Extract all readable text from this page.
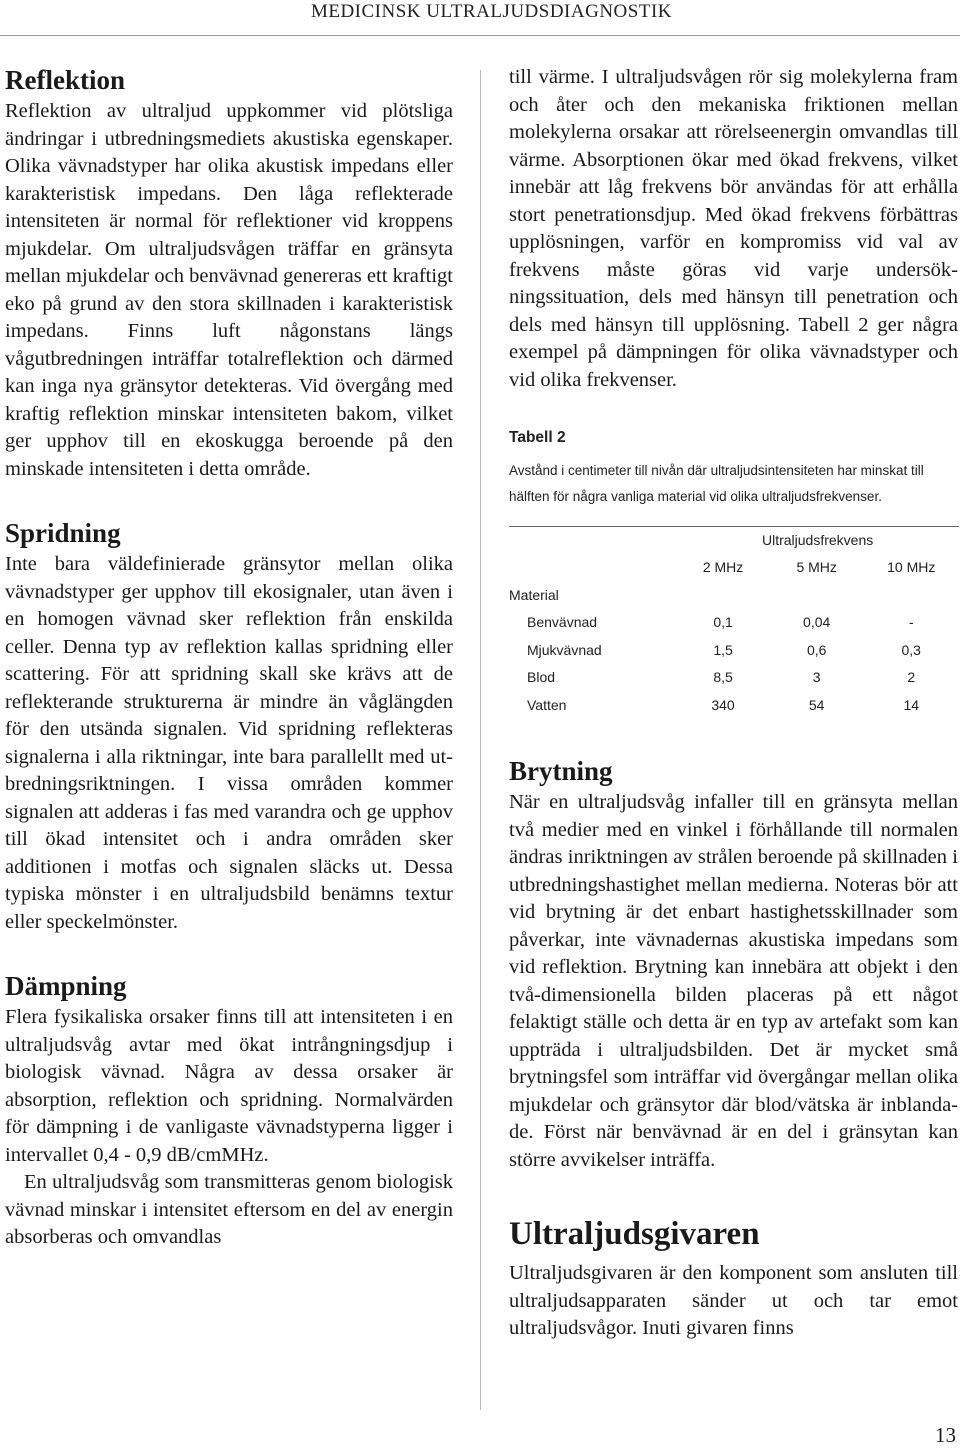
MEDICINSK ULTRALJUDSDIAGNOSTIK
Reflektion

Reflektion av ultraljud uppkommer vid plötsliga ändringar i utbredningsmediets akustiska egenskaper. Olika vävnadstyper har olika akustisk impedans eller karakteristisk impedans. Den låga reflekterade intensiteten är normal för reflektioner vid kroppens mjukdelar. Om ultraljudsvågen träffar en gränsyta mellan mjukdelar och benvävnad genereras ett kraftigt eko på grund av den stora skillnaden i karakteristisk impedans. Finns luft någonstans längs vågutbredningen inträffar totalreflektion och därmed kan inga nya gränsytor detekteras. Vid övergång med kraftig reflektion minskar intensiteten bakom, vilket ger upphov till en ekoskugga beroende på den minskade intensiteten i detta område.

Spridning

Inte bara väldefinierade gränsytor mellan olika vävnadstyper ger upphov till ekosignaler, utan även i en homogen vävnad sker reflektion från enskilda celler. Denna typ av reflektion kallas spridning eller scattering. För att spridning skall ske krävs att de reflekterande strukturerna är mindre än våglängden för den utsända signalen. Vid spridning reflekteras signalerna i alla riktningar, inte bara parallellt med utbredningsriktningen. I vissa områden kommer signalen att adderas i fas med varandra och ge upphov till ökad intensitet och i andra områden sker additionen i motfas och signalen släcks ut. Dessa typiska mönster i en ultraljudsbild benämns textur eller speckelmönster.

Dämpning

Flera fysikaliska orsaker finns till att intensiteten i en ultraljudsvåg avtar med ökat intrångningsdjup i biologisk vävnad. Några av dessa orsaker är absorption, reflektion och spridning. Normalvärden för dämpning i de vanligaste vävnadstyperna ligger i intervallet 0,4 - 0,9 dB/cmMHz.

En ultraljudsvåg som transmitteras genom biologisk vävnad minskar i intensitet eftersom en del av energin absorberas och omvandlas

till värme. I ultraljudsvågen rör sig molekylerna fram och åter och den mekaniska friktionen mellan molekylerna orsakar att rörelseenergin omvandlas till värme. Absorptionen ökar med ökad frekvens, vilket innebär att låg frekvens bör användas för att erhålla stort penetrationsdjup. Med ökad frekvens förbättras upplösningen, varför en kompromiss vid val av frekvens måste göras vid varje undersökningssituation, dels med hänsyn till penetration och dels med hänsyn till upplösning. Tabell 2 ger några exempel på dämpningen för olika vävnadstyper och vid olika frekvenser.

Tabell 2
Avstånd i centimeter till nivån där ultraljudsintensiteten har minskat till hälften för några vanliga material vid olika ultraljudsfrekvenser.
	Ultraljudsfrekvens		
	2 MHz	5 MHz	10 MHz
Material			
Benvävnad	0,1	0,04	-
Mjukvävnad	1,5	0,6	0,3
Blod	8,5	3	2
Vatten	340	54	14
Brytning

När en ultraljudsvåg infaller till en gränsyta mellan två medier med en vinkel i förhållande till normalen ändras inriktningen av strålen beroende på skillnaden i utbredningshastighet mellan medierna. Noteras bör att vid brytning är det enbart hastighetsskillnader som påverkar, inte vävnadernas akustiska impedans som vid reflektion. Brytning kan innebära att objekt i den två-dimensionella bilden placeras på ett något felaktigt ställe och detta är en typ av artefakt som kan uppträda i ultraljudsbilden. Det är mycket små brytningsfel som inträffar vid övergångar mellan olika mjukdelar och gränsytor där blod/vätska är inblandade. Först när benvävnad är en del i gränsytan kan större avvikelser inträffa.

Ultraljudsgivaren

Ultraljudsgivaren är den komponent som ansluten till ultraljudsapparaten sänder ut och tar emot ultraljudsvågor. Inuti givaren finns

13
